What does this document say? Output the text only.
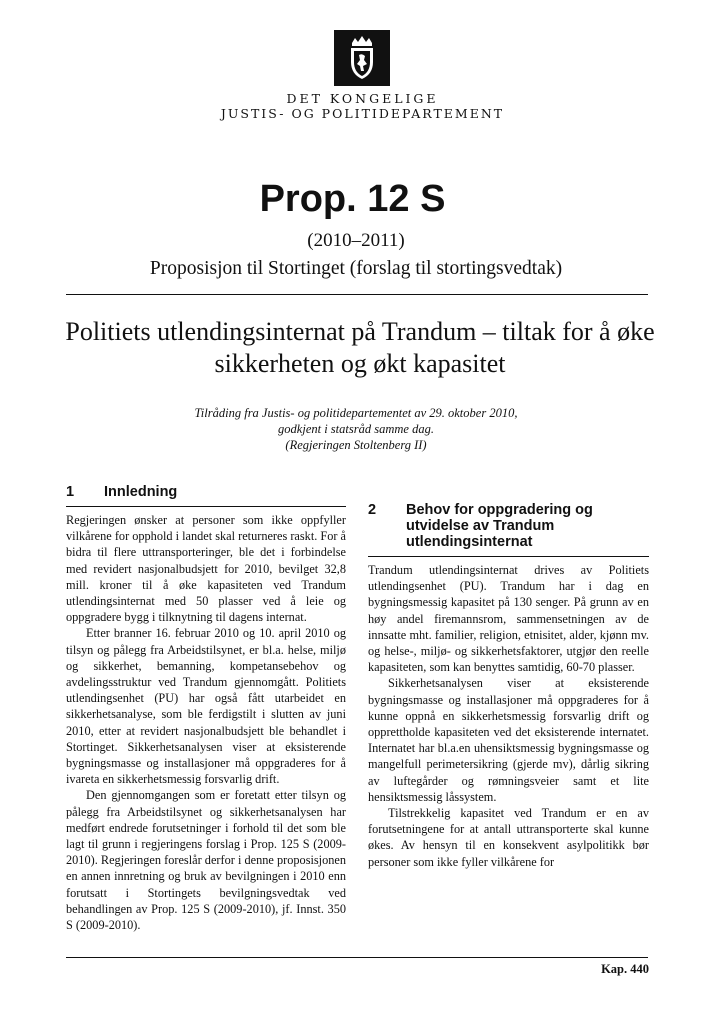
DET KONGELIGE
JUSTIS- OG POLITIDEPARTEMENT
Prop. 12 S
(2010–2011)
Proposisjon til Stortinget (forslag til stortingsvedtak)
Politiets utlendingsinternat på Trandum – tiltak for å øke sikkerheten og økt kapasitet
Tilråding fra Justis- og politidepartementet av 29. oktober 2010,
godkjent i statsråd samme dag.
(Regjeringen Stoltenberg II)
1	Innledning

Regjeringen ønsker at personer som ikke oppfyller vilkårene for opphold i landet skal returneres raskt. For å bidra til flere uttransporteringer, ble det i forbindelse med revidert nasjonalbudsjett for 2010, bevilget 32,8 mill. kroner til å øke kapasiteten ved Trandum utlendingsinternat med 50 plasser ved å leie og oppgradere bygg i tilknytning til dagens internat.

Etter branner 16. februar 2010 og 10. april 2010 og tilsyn og pålegg fra Arbeidstilsynet, er bl.a. helse, miljø og sikkerhet, bemanning, kompetansebehov og avdelingsstruktur ved Trandum gjennomgått. Politiets utlendingsenhet (PU) har også fått utarbeidet en sikkerhetsanalyse, som ble ferdigstilt i slutten av juni 2010, etter at revidert nasjonalbudsjett ble behandlet i Stortinget. Sikkerhetsanalysen viser at eksisterende bygningsmasse og installasjoner må oppgraderes for å ivareta en sikkerhetsmessig forsvarlig drift.

Den gjennomgangen som er foretatt etter tilsyn og pålegg fra Arbeidstilsynet og sikkerhetsanalysen har medført endrede forutsetninger i forhold til det som ble lagt til grunn i regjeringens forslag i Prop. 125 S (2009-2010). Regjeringen foreslår derfor i denne proposisjonen en annen innretning og bruk av bevilgningen i 2010 enn forutsatt i Stortingets bevilgningsvedtak ved behandlingen av Prop. 125 S (2009-2010), jf. Innst. 350 S (2009-2010).

2	Behov for oppgradering og utvidelse av Trandum utlendingsinternat

Trandum utlendingsinternat drives av Politiets utlendingsenhet (PU). Trandum har i dag en bygningsmessig kapasitet på 130 senger. På grunn av en høy andel firemannsrom, sammensetningen av de innsatte mht. familier, religion, etnisitet, alder, kjønn mv. og helse-, miljø- og sikkerhetsfaktorer, utgjør den reelle kapasiteten, som kan benyttes samtidig, 60-70 plasser.

Sikkerhetsanalysen viser at eksisterende bygningsmasse og installasjoner må oppgraderes for å kunne oppnå en sikkerhetsmessig forsvarlig drift og opprettholde kapasiteten ved det eksisterende internatet. Internatet har bl.a.en uhensiktsmessig bygningsmasse og mangelfull perimetersikring (gjerde mv), dårlig sikring av luftegårder og rømningsveier samt et lite hensiktsmessig låssystem.

Tilstrekkelig kapasitet ved Trandum er en av forutsetningene for at antall uttransporterte skal kunne økes. Av hensyn til en konsekvent asylpolitikk bør personer som ikke fyller vilkårene for

Kap. 440
